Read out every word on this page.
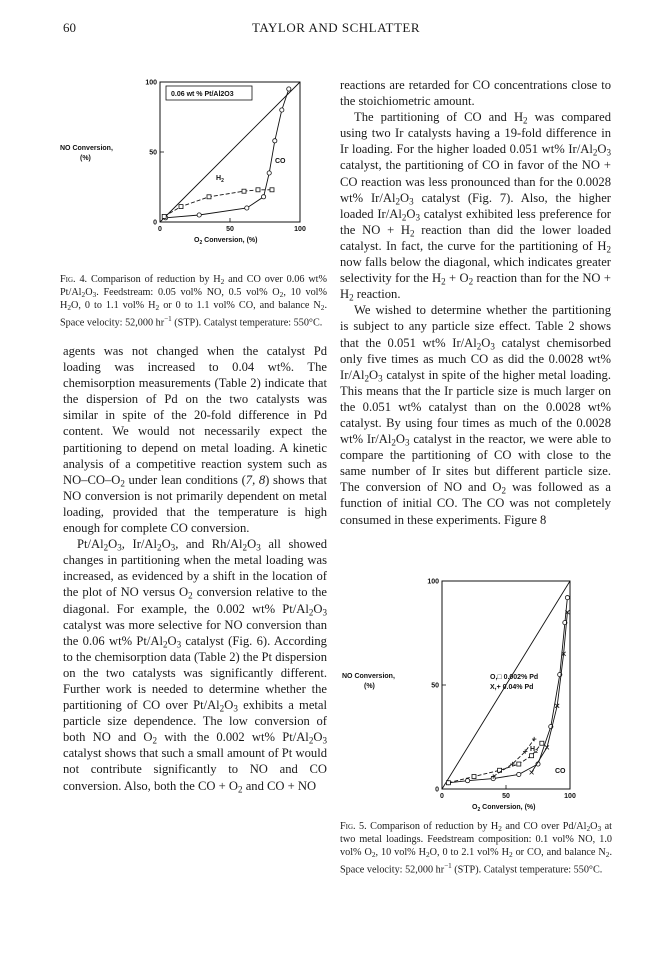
60	TAYLOR AND SCHLATTER
0.06 wt % Pt/Al2O3
NO Conversion,
(%)
$O_2$ Conversion, (%)
0	50	100
0
50
100
$H_2$
CO
Fig. 4. Comparison of reduction by $H_2$ and CO over 0.06 wt% $Pt/Al_2O_3$. Feedstream: 0.05 vol% NO, 0.5 vol% $O_2$, 10 vol% $H_2O$, 0 to 1.1 vol% $H_2$ or 0 to 1.1 vol% CO, and balance $N_2$. Space velocity: 52,000 $hr^{-1}$ (STP). Catalyst temperature: 550°C.

reactions are retarded for CO concentrations close to the stoichiometric amount.

The partitioning of CO and $H_2$ was compared using two Ir catalysts having a 19-fold difference in Ir loading. For the higher loaded 0.051 wt% $Ir/Al_2O_3$ catalyst, the partitioning of CO in favor of the NO + CO reaction was less pronounced than for the 0.0028 wt% $Ir/Al_2O_3$ catalyst (Fig. 7). Also, the higher loaded $Ir/Al_2O_3$ catalyst exhibited less preference for the NO + $H_2$ reaction than did the lower loaded catalyst. In fact, the curve for the partitioning of $H_2$ now falls below the diagonal, which indicates greater selectivity for the $H_2 + O_2$ reaction than for the NO + $H_2$ reaction.

We wished to determine whether the partitioning is subject to any particle size effect. Table 2 shows that the 0.051 wt% $Ir/Al_2O_3$ catalyst chemisorbed only five times as much CO as did the 0.0028 wt% $Ir/Al_2O_3$ catalyst in spite of the higher metal loading. This means that the Ir particle size is much larger on the 0.051 wt% catalyst than on the 0.0028 wt% catalyst. By using four times as much of the 0.0028 wt% $Ir/Al_2O_3$ catalyst in the reactor, we were able to compare the partitioning of CO with close to the same number of Ir sites but different particle size. The conversion of NO and $O_2$ was followed as a function of initial CO. The CO was not completely consumed in these experiments. Figure 8

agents was not changed when the catalyst Pd loading was increased to 0.04 wt%. The chemisorption measurements (Table 2) indicate that the dispersion of Pd on the two catalysts was similar in spite of the 20-fold difference in Pd content. We would not necessarily expect the partitioning to depend on metal loading. A kinetic analysis of a competitive reaction system such as $NO-CO-O_2$ under lean conditions (7, 8) shows that NO conversion is not primarily dependent on metal loading, provided that the temperature is high enough for complete CO conversion.

$Pt/Al_2O_3$, $Ir/Al_2O_3$, and $Rh/Al_2O_3$ all showed changes in partitioning when the metal loading was increased, as evidenced by a shift in the location of the plot of NO versus $O_2$ conversion relative to the diagonal. For example, the 0.002 wt% $Pt/Al_2O_3$ catalyst was more selective for NO conversion than the 0.06 wt% $Pt/Al_2O_3$ catalyst (Fig. 6). According to the chemisorption data (Table 2) the Pt dispersion on the two catalysts was significantly different. Further work is needed to determine whether the partitioning of CO over $Pt/Al_2O_3$ exhibits a metal particle size dependence. The low conversion of both NO and $O_2$ with the 0.002 wt% $Pt/Al_2O_3$ catalyst shows that such a small amount of Pt would not contribute significantly to NO and CO conversion. Also, both the CO + $O_2$ and CO + NO

O,□ 0.002% Pd
X,+ 0.04% Pd
NO Conversion,
(%)
$O_2$ Conversion, (%)
0	50	100
0
50
100
$H_2$
CO
Fig. 5. Comparison of reduction by $H_2$ and CO over $Pd/Al_2O_3$ at two metal loadings. Feedstream composition: 0.1 vol% NO, 1.0 vol% $O_2$, 10 vol% $H_2O$, 0 to 2.1 vol% $H_2$ or CO, and balance $N_2$. Space velocity: 52,000 $hr^{-1}$ (STP). Catalyst temperature: 550°C.
